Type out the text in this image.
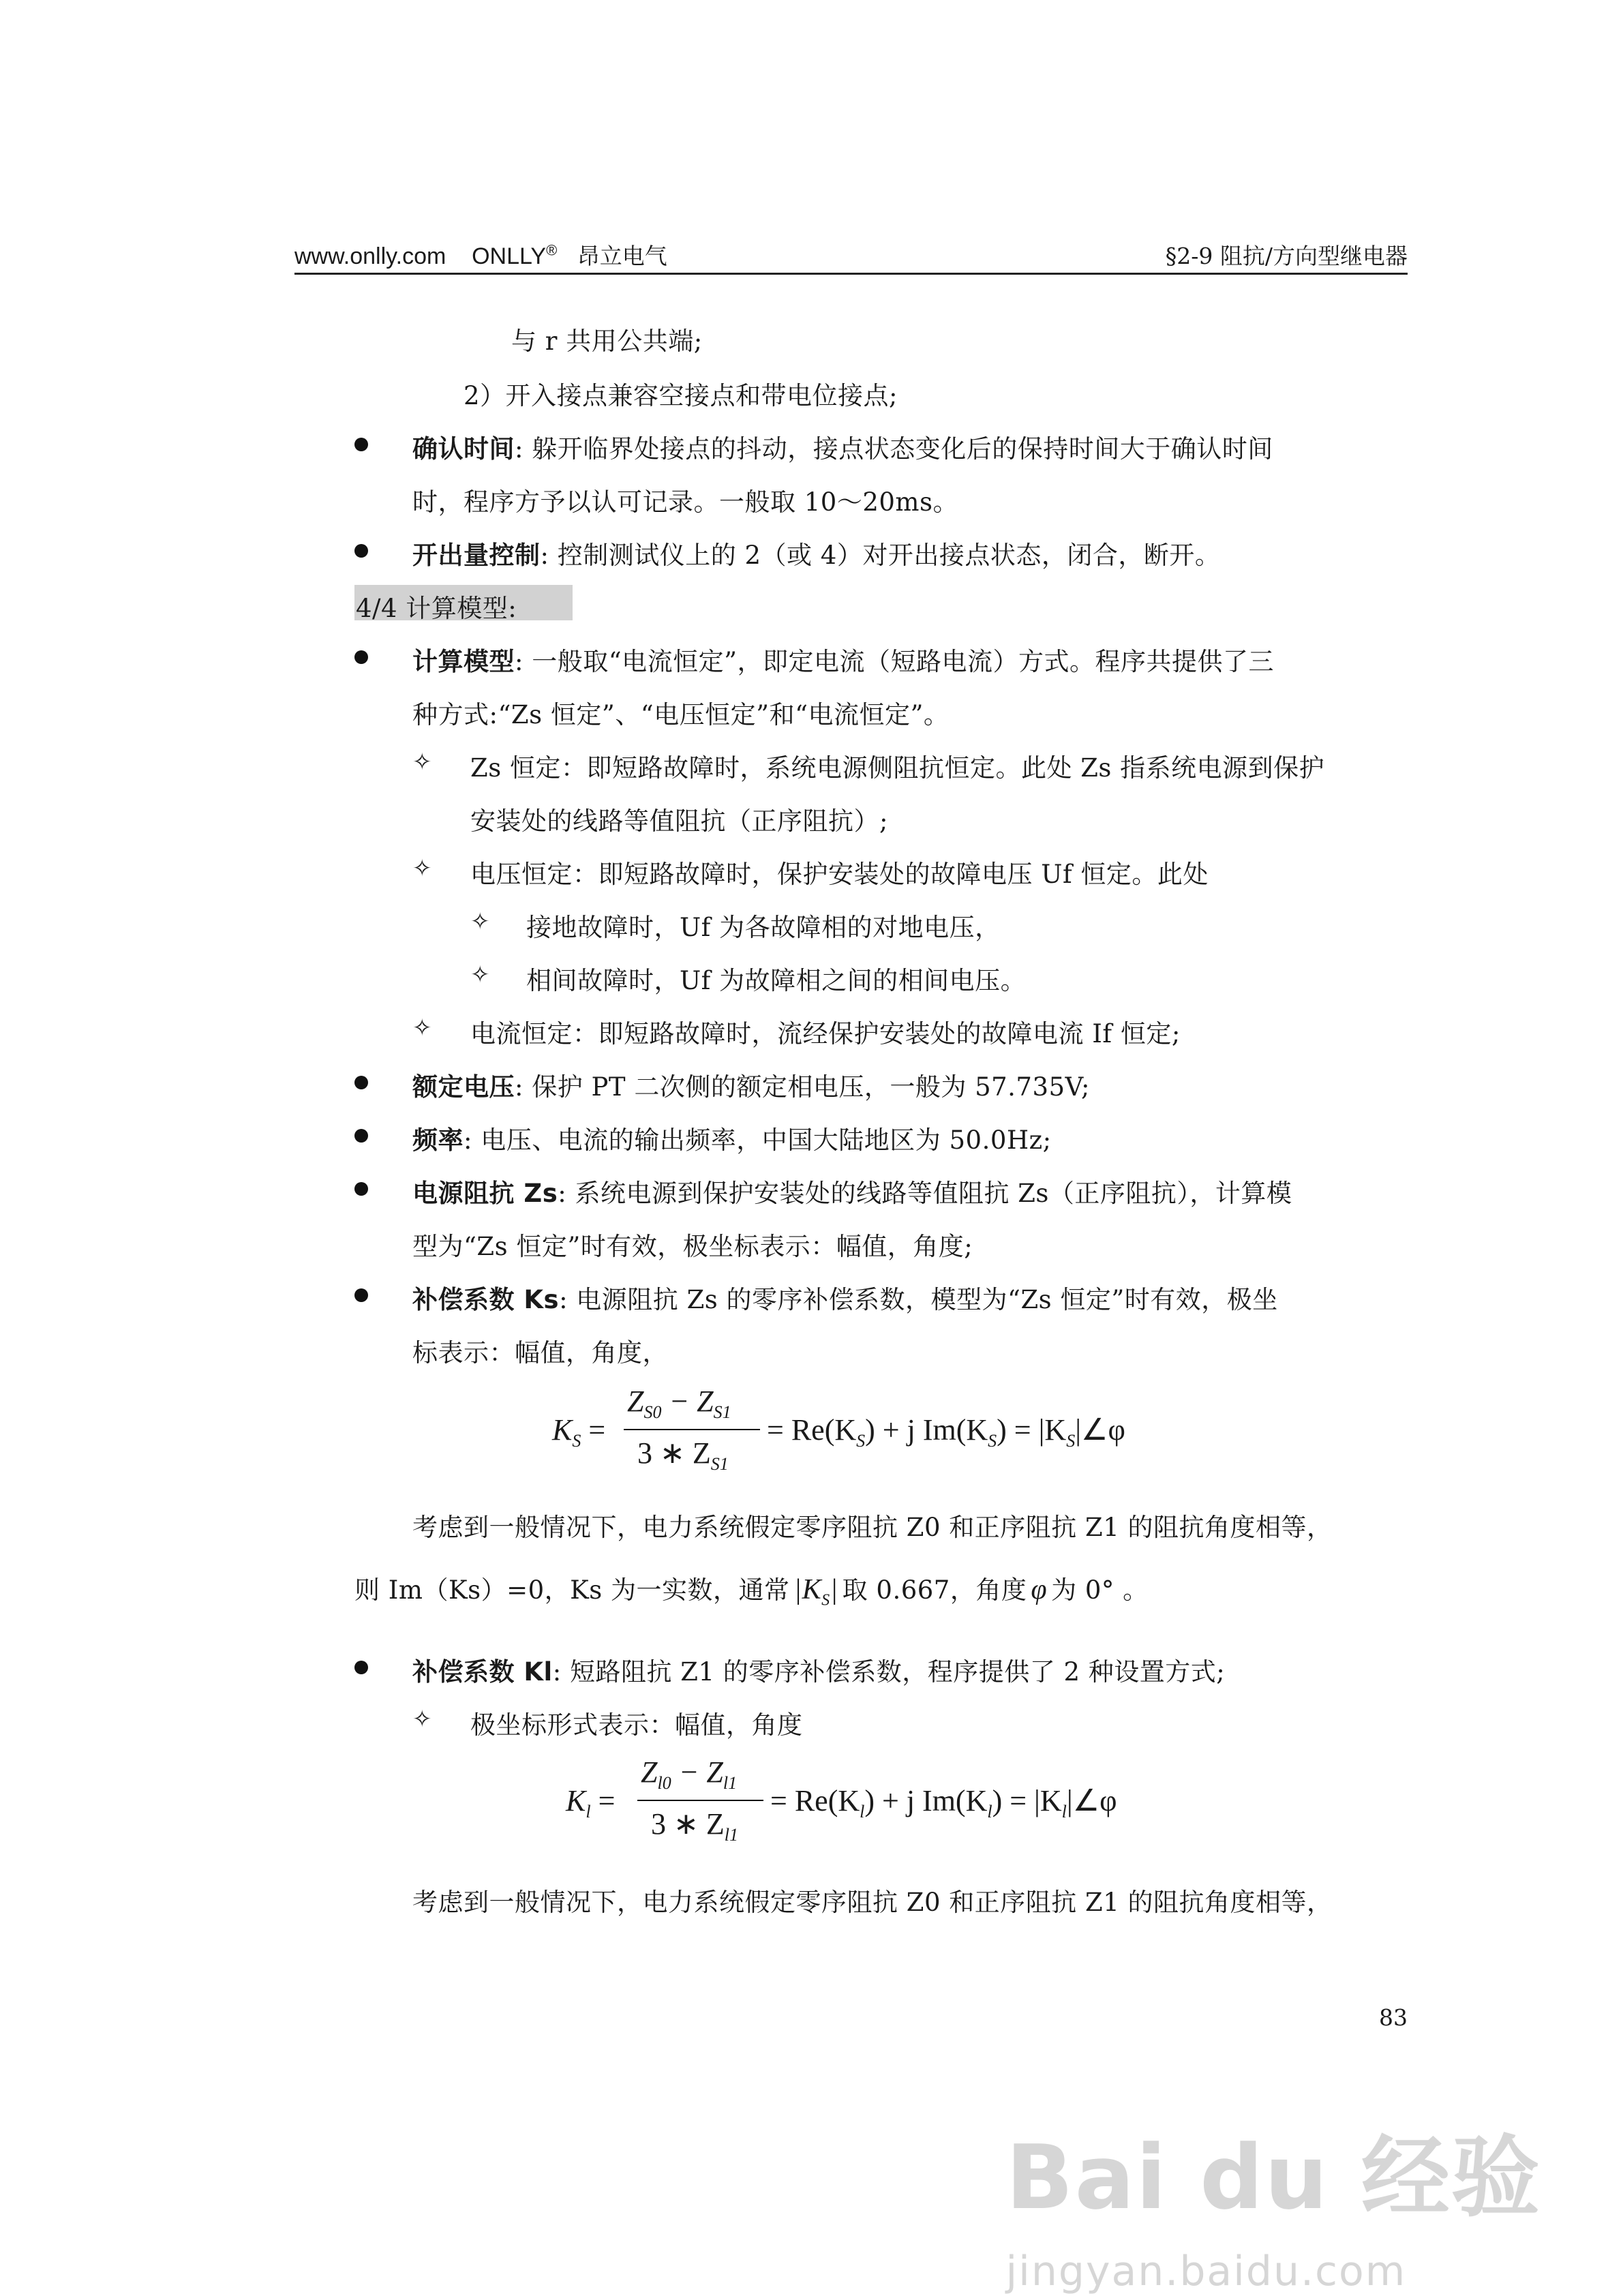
www.onlly.com ONLLY® 昂立电气	§2-9 阻抗/方向型继电器
与 r 共用公共端;
2）开入接点兼容空接点和带电位接点;
确认时间: 躲开临界处接点的抖动，接点状态变化后的保持时间大于确认时间
时，程序方予以认可记录。一般取 10～20ms。
开出量控制: 控制测试仪上的 2（或 4）对开出接点状态，闭合，断开。
4/4 计算模型:
计算模型: 一般取“电流恒定”，即定电流（短路电流）方式。程序共提供了三
种方式:“Zs 恒定”、“电压恒定”和“电流恒定”。
✧ Zs 恒定：即短路故障时，系统电源侧阻抗恒定。此处 Zs 指系统电源到保护
安装处的线路等值阻抗（正序阻抗）;
✧ 电压恒定：即短路故障时，保护安装处的故障电压 Uf 恒定。此处
✧ 接地故障时，Uf 为各故障相的对地电压，
✧ 相间故障时，Uf 为故障相之间的相间电压。
✧ 电流恒定：即短路故障时，流经保护安装处的故障电流 If 恒定;
额定电压: 保护 PT 二次侧的额定相电压，一般为 57.735V;
频率: 电压、电流的输出频率，中国大陆地区为 50.0Hz;
电源阻抗 Zs: 系统电源到保护安装处的线路等值阻抗 Zs（正序阻抗），计算模
型为“Zs 恒定”时有效，极坐标表示：幅值，角度;
补偿系数 Ks: 电源阻抗 Zs 的零序补偿系数，模型为“Zs 恒定”时有效，极坐
标表示：幅值，角度，
$K_S$ =
$Z_{S0} - Z_{S1}$
3 ∗ $Z_{S1}$
= $Re(K_S) + j$ $Im(K_S)$ = $|K_S|\angle\varphi$
考虑到一般情况下，电力系统假定零序阻抗 Z0 和正序阻抗 Z1 的阻抗角度相等，
则 Im（Ks）=0，Ks 为一实数，通常 $|K_S|$ 取 0.667，角度 φ 为 0° 。
补偿系数 Kl: 短路阻抗 Z1 的零序补偿系数，程序提供了 2 种设置方式;
✧ 极坐标形式表示：幅值，角度
$K_l$ =
$Z_{l0} - Z_{l1}$
3 ∗ $Z_{l1}$
= $Re(K_l) + j$ $Im(K_l)$ = $|K_l|\angle\varphi$
考虑到一般情况下，电力系统假定零序阻抗 Z0 和正序阻抗 Z1 的阻抗角度相等，
83
Bai du 经验
jingyan.baidu.com
